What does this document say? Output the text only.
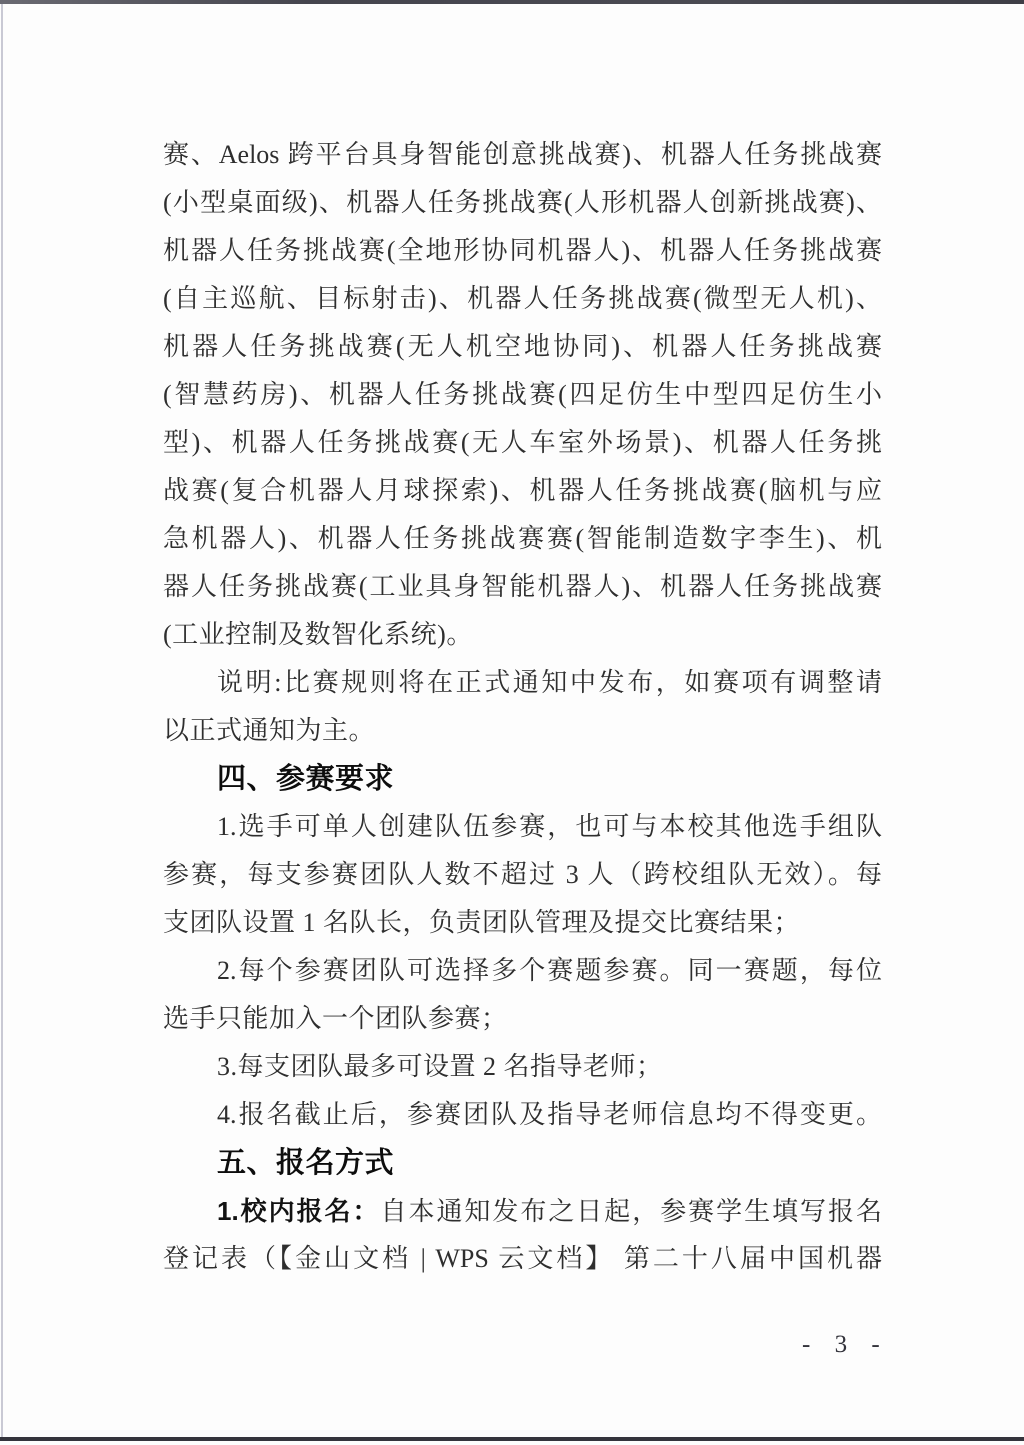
赛、Aelos 跨平台具身智能创意挑战赛)、机器人任务挑战赛

(小型桌面级)、机器人任务挑战赛(人形机器人创新挑战赛)、

机器人任务挑战赛(全地形协同机器人)、机器人任务挑战赛

(自主巡航、目标射击)、机器人任务挑战赛(微型无人机)、

机器人任务挑战赛(无人机空地协同)、机器人任务挑战赛

(智慧药房)、机器人任务挑战赛(四足仿生中型四足仿生小

型)、机器人任务挑战赛(无人车室外场景)、机器人任务挑

战赛(复合机器人月球探索)、机器人任务挑战赛(脑机与应

急机器人)、机器人任务挑战赛赛(智能制造数字李生)、机

器人任务挑战赛(工业具身智能机器人)、机器人任务挑战赛

(工业控制及数智化系统)。

说明:比赛规则将在正式通知中发布，如赛项有调整请

以正式通知为主。

四、参赛要求

1.选手可单人创建队伍参赛，也可与本校其他选手组队

参赛，每支参赛团队人数不超过 3 人（跨校组队无效）。每

支团队设置 1 名队长，负责团队管理及提交比赛结果；

2.每个参赛团队可选择多个赛题参赛。同一赛题，每位

选手只能加入一个团队参赛；

3.每支团队最多可设置 2 名指导老师；

4.报名截止后，参赛团队及指导老师信息均不得变更。

五、报名方式

1.校内报名：自本通知发布之日起，参赛学生填写报名

登记表（【金山文档 | WPS 云文档】 第二十八届中国机器

- 3 -
